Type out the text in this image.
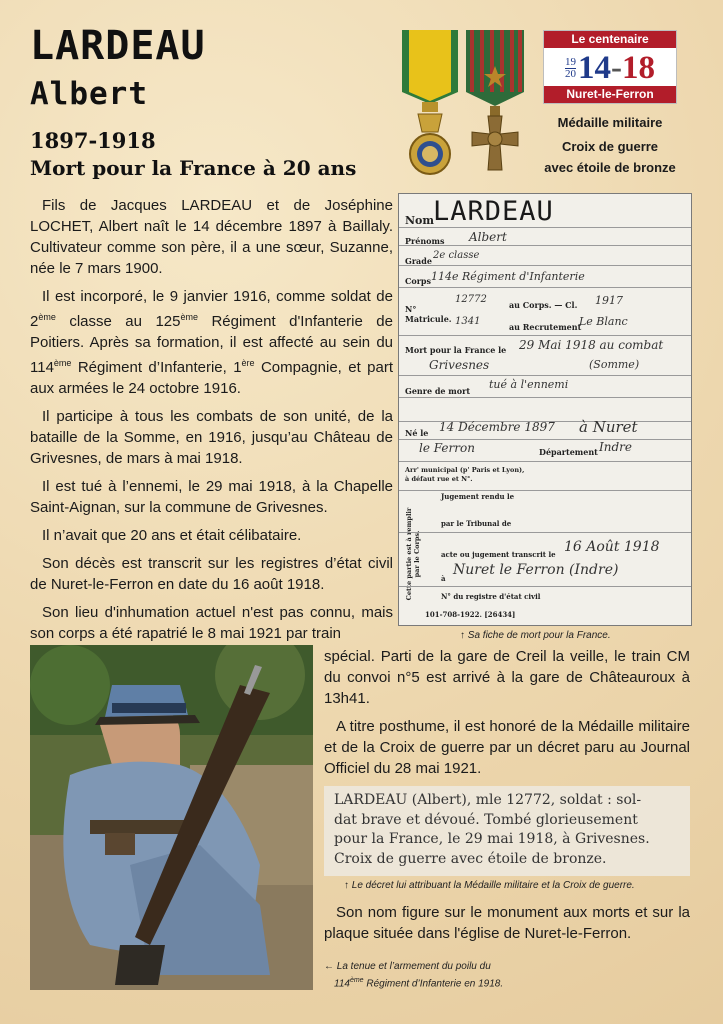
LARDEAU
Albert
1897-1918
Mort pour la France à 20 ans
Le centenaire
$\frac{19}{20} 14-18$
Nuret-le-Ferron
Médaille militaire
Croix de guerre
avec étoile de bronze

Fils de Jacques LARDEAU et de Joséphine LOCHET, Albert naît le 14 décembre 1897 à Baillaly. Cultivateur comme son père, il a une sœur, Suzanne, née le 7 mars 1900.

Il est incorporé, le 9 janvier 1916, comme soldat de 2ème classe au 125ème Régiment d'Infanterie de Poitiers. Après sa formation, il est affecté au sein du 114ème Régiment d’Infanterie, 1ère Compagnie, et part aux armées le 24 octobre 1916.

Il participe à tous les combats de son unité, de la bataille de la Somme, en 1916, jusqu’au Château de Grivesnes, de mars à mai 1918.

Il est tué à l’ennemi, le 29 mai 1918, à la Chapelle Saint-Aignan, sur la commune de Grivesnes.

Il n’avait que 20 ans et était célibataire.

Son décès est transcrit sur les registres d’état civil de Nuret-le-Ferron en date du 16 août 1918.

Son lieu d'inhumation actuel n'est pas connu, mais son corps a été rapatrié le 8 mai 1921 par train

Nom
LARDEAU
Prénoms Albert
Grade 2e classe
Corps 114e Régiment d'Infanterie
N° Matricule.
12772	au Corps. — Cl. 1917
1341	au Recrutement
Le Blanc
Mort pour la France le 29 Mai 1918 au combat
Grivesnes	(Somme)
Genre de mort tué à l'ennemi
Né le 14 Décembre 1897 à Nuret
le Ferron	Département Indre
Arr' municipal (p' Paris et Lyon), à défaut rue et N°.
Cette partie est à remplir par le Corps.
Jugement rendu le
par le Tribunal de
acte ou jugement transcrit le 16 Août 1918
à
Nuret le Ferron (Indre)
N° du registre d'état civil
101-708-1922. [26434]
↑ Sa fiche de mort pour la France.
← La tenue et l’armement du poilu du
114ème Régiment d’Infanterie en 1918.

spécial. Parti de la gare de Creil la veille, le train CM du convoi n°5 est arrivé à la gare de Châteauroux à 13h41.

A titre posthume, il est honoré de la Médaille militaire et de la Croix de guerre par un décret paru au Journal Officiel du 28 mai 1921.

LARDEAU (Albert), mle 12772, soldat : sol-
dat brave et dévoué. Tombé glorieusement
pour la France, le 29 mai 1918, à Grivesnes.
Croix de guerre avec étoile de bronze.
↑ Le décret lui attribuant la Médaille militaire et la Croix de guerre.

Son nom figure sur le monument aux morts et sur la plaque située dans l'église de Nuret-le-Ferron.
